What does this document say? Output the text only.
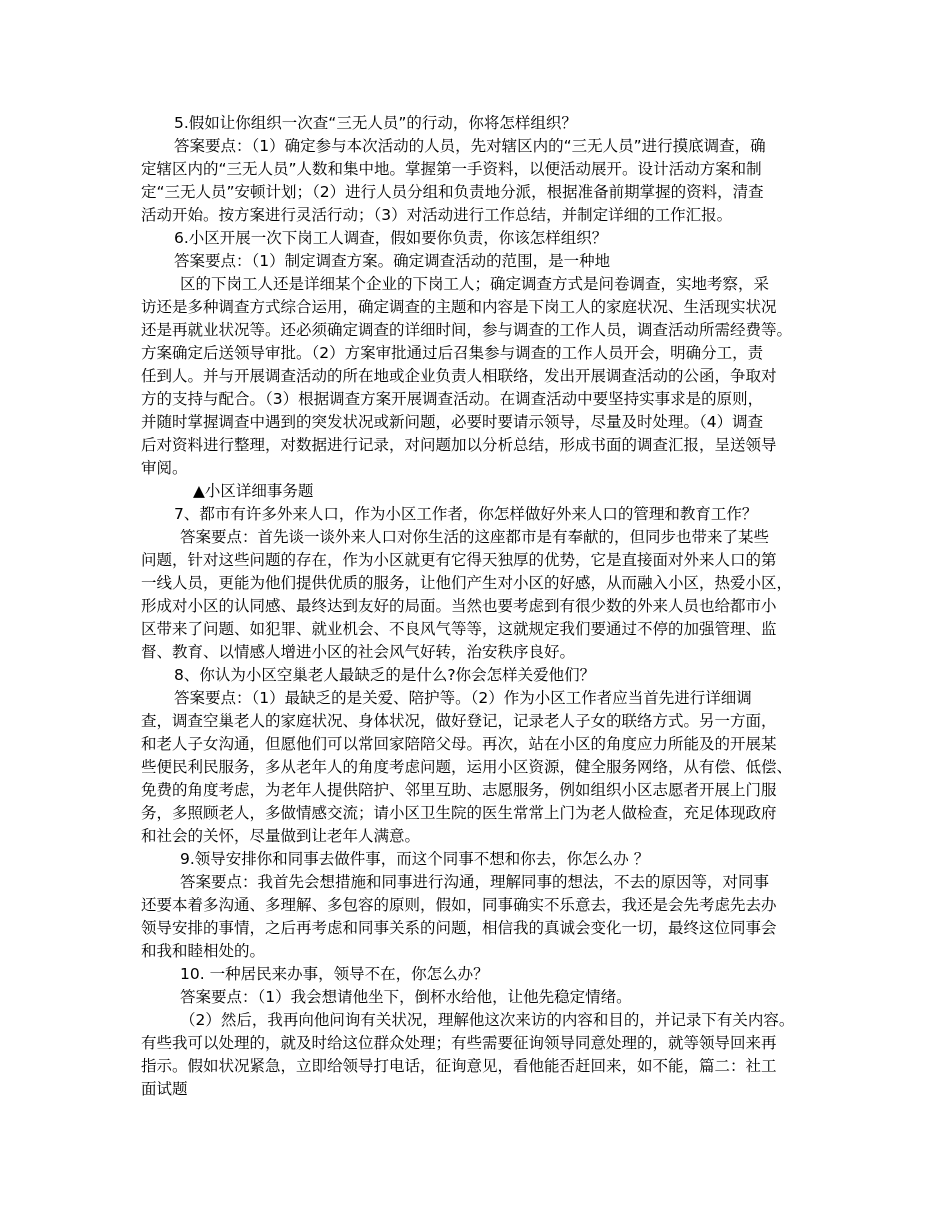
5.假如让你组织一次查“三无人员”的行动，你将怎样组织？
答案要点：（1）确定参与本次活动的人员，先对辖区内的“三无人员”进行摸底调查，确
定辖区内的“三无人员”人数和集中地。掌握第一手资料，以便活动展开。设计活动方案和制
定“三无人员”安顿计划；（2）进行人员分组和负责地分派，根据准备前期掌握的资料，清查
活动开始。按方案进行灵活行动；（3）对活动进行工作总结，并制定详细的工作汇报。
6.小区开展一次下岗工人调查，假如要你负责，你该怎样组织？
答案要点：（1）制定调查方案。确定调查活动的范围，是一种地
区的下岗工人还是详细某个企业的下岗工人；确定调查方式是问卷调查，实地考察，采
访还是多种调查方式综合运用，确定调查的主题和内容是下岗工人的家庭状况、生活现实状况
还是再就业状况等。还必须确定调查的详细时间，参与调查的工作人员，调查活动所需经费等。
方案确定后送领导审批。（2）方案审批通过后召集参与调查的工作人员开会，明确分工，责
任到人。并与开展调查活动的所在地或企业负责人相联络，发出开展调查活动的公函，争取对
方的支持与配合。（3）根据调查方案开展调查活动。在调查活动中要坚持实事求是的原则，
并随时掌握调查中遇到的突发状况或新问题，必要时要请示领导，尽量及时处理。（4）调查
后对资料进行整理，对数据进行记录，对问题加以分析总结，形成书面的调查汇报，呈送领导
审阅。
▲小区详细事务题
7、都市有许多外来人口，作为小区工作者，你怎样做好外来人口的管理和教育工作？
答案要点：首先谈一谈外来人口对你生活的这座都市是有奉献的，但同步也带来了某些
问题，针对这些问题的存在，作为小区就更有它得天独厚的优势，它是直接面对外来人口的第
一线人员，更能为他们提供优质的服务，让他们产生对小区的好感，从而融入小区，热爱小区，
形成对小区的认同感、最终达到友好的局面。当然也要考虑到有很少数的外来人员也给都市小
区带来了问题、如犯罪、就业机会、不良风气等等，这就规定我们要通过不停的加强管理、监
督、教育、以情感人增进小区的社会风气好转，治安秩序良好。
8、你认为小区空巢老人最缺乏的是什么?你会怎样关爱他们？
答案要点：（1）最缺乏的是关爱、陪护等。（2）作为小区工作者应当首先进行详细调
查，调查空巢老人的家庭状况、身体状况，做好登记，记录老人子女的联络方式。另一方面，
和老人子女沟通，但愿他们可以常回家陪陪父母。再次，站在小区的角度应力所能及的开展某
些便民利民服务，多从老年人的角度考虑问题，运用小区资源，健全服务网络，从有偿、低偿、
免费的角度考虑，为老年人提供陪护、邻里互助、志愿服务，例如组织小区志愿者开展上门服
务，多照顾老人，多做情感交流；请小区卫生院的医生常常上门为老人做检查，充足体现政府
和社会的关怀，尽量做到让老年人满意。
9.领导安排你和同事去做件事，而这个同事不想和你去，你怎么办 ？
答案要点：我首先会想措施和同事进行沟通，理解同事的想法，不去的原因等，对同事
还要本着多沟通、多理解、多包容的原则，假如，同事确实不乐意去，我还是会先考虑先去办
领导安排的事情，之后再考虑和同事关系的问题，相信我的真诚会变化一切，最终这位同事会
和我和睦相处的。
10. 一种居民来办事，领导不在，你怎么办？
答案要点：（1）我会想请他坐下，倒杯水给他，让他先稳定情绪。
（2）然后，我再向他问询有关状况，理解他这次来访的内容和目的，并记录下有关内容。
有些我可以处理的，就及时给这位群众处理；有些需要征询领导同意处理的，就等领导回来再
指示。假如状况紧急，立即给领导打电话，征询意见，看他能否赶回来，如不能，篇二：社工
面试题
